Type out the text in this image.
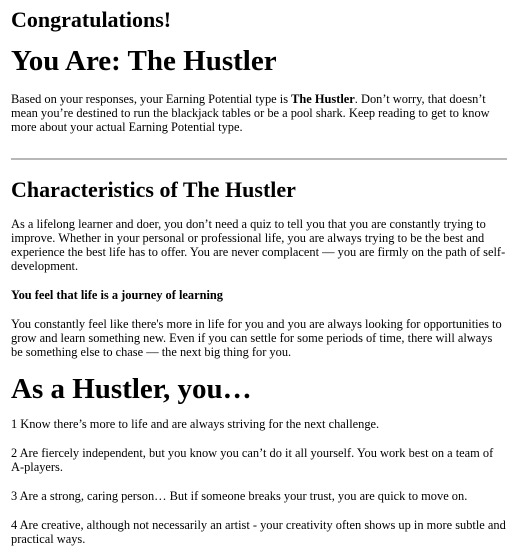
Congratulations!
You Are: The Hustler

Based on your responses, your Earning Potential type is The Hustler. Don’t worry, that doesn’t mean you’re destined to run the blackjack tables or be a pool shark. Keep reading to get to know more about your actual Earning Potential type.

Characteristics of The Hustler

As a lifelong learner and doer, you don’t need a quiz to tell you that you are constantly trying to improve. Whether in your personal or professional life, you are always trying to be the best and experience the best life has to offer. You are never complacent — you are firmly on the path of self-development.

You feel that life is a journey of learning

You constantly feel like there's more in life for you and you are always looking for opportunities to grow and learn something new. Even if you can settle for some periods of time, there will always be something else to chase — the next big thing for you.

As a Hustler, you…
1 Know there’s more to life and are always striving for the next challenge.
2 Are fiercely independent, but you know you can’t do it all yourself. You work best on a team of A-players.
3 Are a strong, caring person… But if someone breaks your trust, you are quick to move on.
4 Are creative, although not necessarily an artist - your creativity often shows up in more subtle and practical ways.
